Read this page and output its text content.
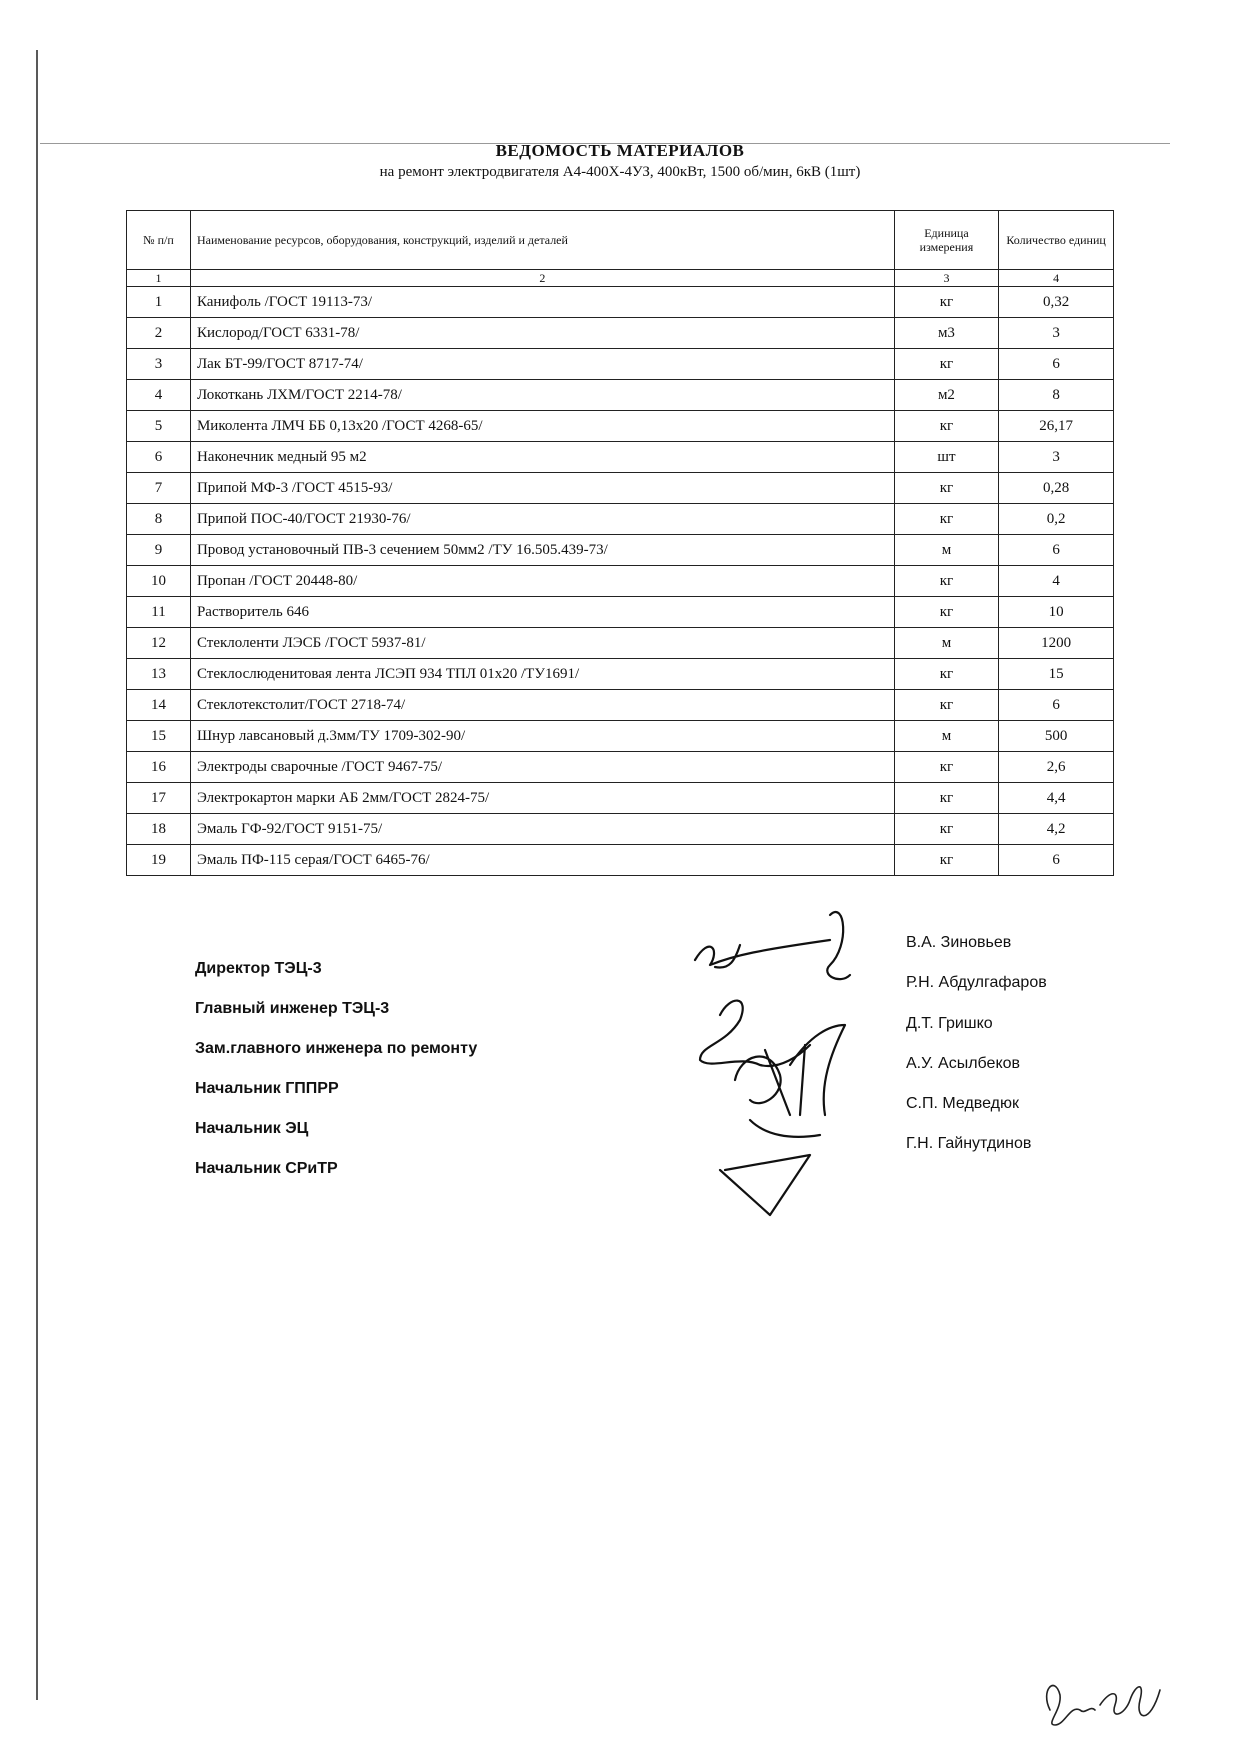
ВЕДОМОСТЬ МАТЕРИАЛОВ
на ремонт электродвигателя А4-400Х-4УЗ, 400кВт, 1500 об/мин, 6кВ (1шт)
№ п/п	Наименование ресурсов, оборудования, конструкций, изделий и деталей	Единица измерения	Количество единиц
1	2	3	4
1	Канифоль /ГОСТ 19113-73/	кг	0,32
2	Кислород/ГОСТ 6331-78/	м3	3
3	Лак БТ-99/ГОСТ 8717-74/	кг	6
4	Локоткань ЛХМ/ГОСТ 2214-78/	м2	8
5	Миколента ЛМЧ ББ 0,13х20 /ГОСТ 4268-65/	кг	26,17
6	Наконечник медный 95 м2	шт	3
7	Припой МФ-3 /ГОСТ 4515-93/	кг	0,28
8	Припой ПОС-40/ГОСТ 21930-76/	кг	0,2
9	Провод установочный ПВ-3 сечением 50мм2 /ТУ 16.505.439-73/	м	6
10	Пропан /ГОСТ 20448-80/	кг	4
11	Растворитель 646	кг	10
12	Стеклоленти ЛЭСБ /ГОСТ 5937-81/	м	1200
13	Стеклослюденитовая лента ЛСЭП 934 ТПЛ 01х20 /ТУ1691/	кг	15
14	Стеклотекстолит/ГОСТ 2718-74/	кг	6
15	Шнур лавсановый д.3мм/ТУ 1709-302-90/	м	500
16	Электроды сварочные /ГОСТ 9467-75/	кг	2,6
17	Электрокартон марки АБ 2мм/ГОСТ 2824-75/	кг	4,4
18	Эмаль ГФ-92/ГОСТ 9151-75/	кг	4,2
19	Эмаль ПФ-115 серая/ГОСТ 6465-76/	кг	6
Директор ТЭЦ-3
В.А. Зиновьев
Главный инженер ТЭЦ-3
Р.Н. Абдулгафаров
Зам.главного инженера по ремонту
Д.Т. Гришко
Начальник ГППРР
А.У. Асылбеков
Начальник ЭЦ
С.П. Медведюк
Начальник СРиТР
Г.Н. Гайнутдинов
